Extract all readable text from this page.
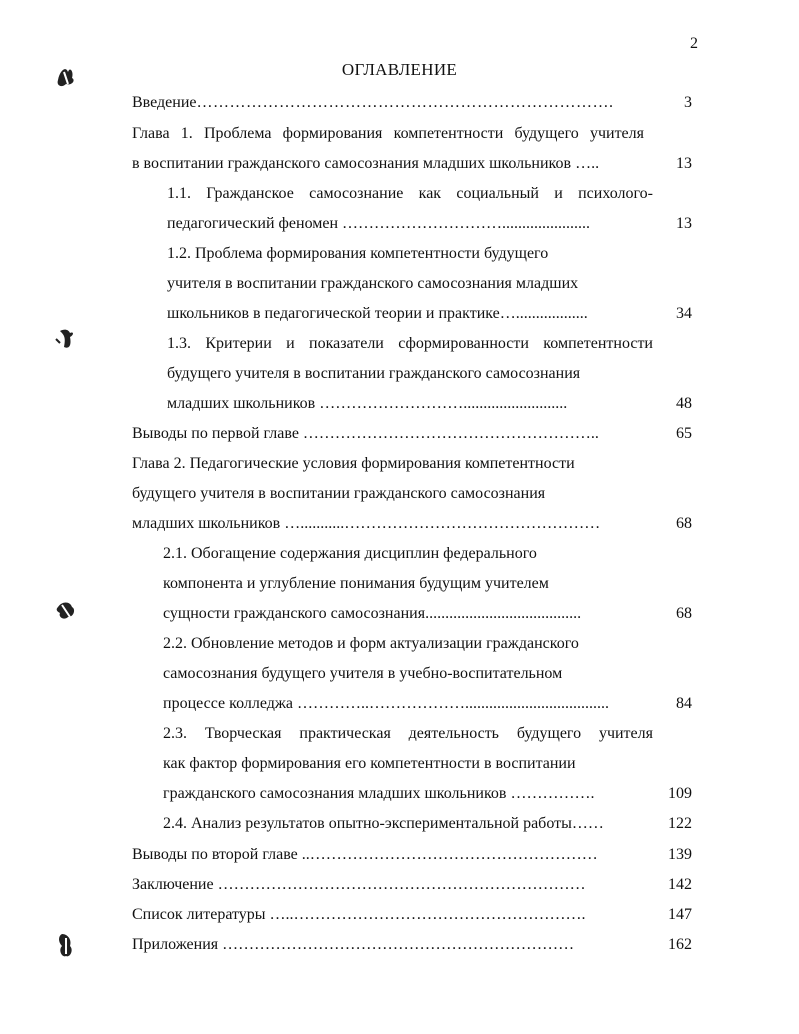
2
ОГЛАВЛЕНИЕ
Введение………………………………………………………………….	3
Глава 1. Проблема формирования компетентности будущего учителя
в воспитании гражданского самосознания младших школьников …..	13
1.1. Гражданское самосознание как социальный и психолого-
педагогический феномен …………………………......................	13
1.2. Проблема формирования компетентности будущего
учителя в воспитании гражданского самосознания младших
школьников в педагогической теории и практике…..................	34
1.3. Критерии и показатели сформированности компетентности
будущего учителя в воспитании гражданского самосознания
младших школьников ………………………..........................	48
Выводы по первой главе ………………………………………………..	65
Глава 2. Педагогические условия формирования компетентности
будущего учителя в воспитании гражданского самосознания
младших школьников …...........…………………………………………	68
2.1. Обогащение содержания дисциплин федерального
компонента и углубление понимания будущим учителем
сущности гражданского самосознания.......................................	68
2.2. Обновление методов и форм актуализации гражданского
самосознания будущего учителя в учебно-воспитательном
процессе колледжа …………..………………....................................	84
2.3. Творческая практическая деятельность будущего учителя
как фактор формирования его компетентности в воспитании
гражданского самосознания младших школьников …………….	109
2.4. Анализ результатов опытно-экспериментальной работы……	122
Выводы по второй главе ..………………………………………………	139
Заключение ……………………………………………………………	142
Список литературы …..……………………………………………….	147
Приложения …………………………………………………………	162
